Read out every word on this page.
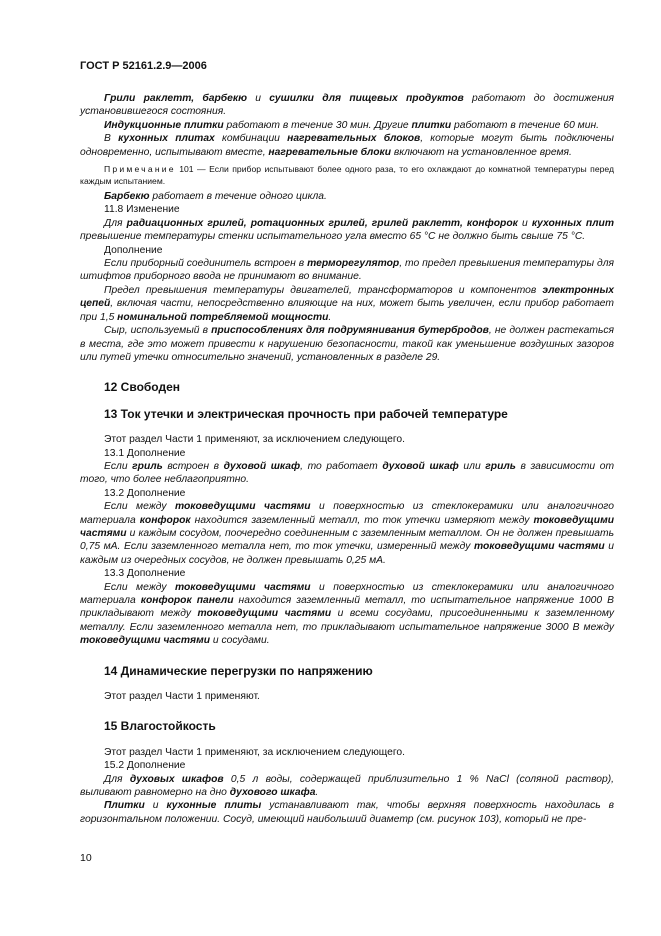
ГОСТ Р 52161.2.9—2006

Грили раклетт, барбекю и сушилки для пищевых продуктов работают до достижения установившегося состояния.

Индукционные плитки работают в течение 30 мин. Другие плитки работают в течение 60 мин.

В кухонных плитах комбинации нагревательных блоков, которые могут быть подключены одновременно, испытывают вместе, нагревательные блоки включают на установленное время.

Примечание 101 — Если прибор испытывают более одного раза, то его охлаждают до комнатной температуры перед каждым испытанием.

Барбекю работает в течение одного цикла.

11.8 Изменение

Для радиационных грилей, ротационных грилей, грилей раклетт, конфорок и кухонных плит превышение температуры стенки испытательного угла вместо 65 °С не должно быть свыше 75 °С.

Дополнение

Если приборный соединитель встроен в терморегулятор, то предел превышения температуры для штифтов приборного ввода не принимают во внимание.

Предел превышения температуры двигателей, трансформаторов и компонентов электронных цепей, включая части, непосредственно влияющие на них, может быть увеличен, если прибор работает при 1,5 номинальной потребляемой мощности.

Сыр, используемый в приспособлениях для подрумянивания бутербродов, не должен растекаться в места, где это может привести к нарушению безопасности, такой как уменьшение воздушных зазоров или путей утечки относительно значений, установленных в разделе 29.

12 Свободен
13 Ток утечки и электрическая прочность при рабочей температуре

Этот раздел Части 1 применяют, за исключением следующего.

13.1 Дополнение

Если гриль встроен в духовой шкаф, то работает духовой шкаф или гриль в зависимости от того, что более неблагоприятно.

13.2 Дополнение

Если между токоведущими частями и поверхностью из стеклокерамики или аналогичного материала конфорок находится заземленный металл, то ток утечки измеряют между токоведущими частями и каждым сосудом, поочередно соединенным с заземленным металлом. Он не должен превышать 0,75 мА. Если заземленного металла нет, то ток утечки, измеренный между токоведущими частями и каждым из очередных сосудов, не должен превышать 0,25 мА.

13.3 Дополнение

Если между токоведущими частями и поверхностью из стеклокерамики или аналогичного материала конфорок панели находится заземленный металл, то испытательное напряжение 1000 В прикладывают между токоведущими частями и всеми сосудами, присоединенными к заземленному металлу. Если заземленного металла нет, то прикладывают испытательное напряжение 3000 В между токоведущими частями и сосудами.

14 Динамические перегрузки по напряжению

Этот раздел Части 1 применяют.

15 Влагостойкость

Этот раздел Части 1 применяют, за исключением следующего.

15.2 Дополнение

Для духовых шкафов 0,5 л воды, содержащей приблизительно 1 % NaCl (соляной раствор), выливают равномерно на дно духового шкафа.

Плитки и кухонные плиты устанавливают так, чтобы верхняя поверхность находилась в горизонтальном положении. Сосуд, имеющий наибольший диаметр (см. рисунок 103), который не пре-

10
